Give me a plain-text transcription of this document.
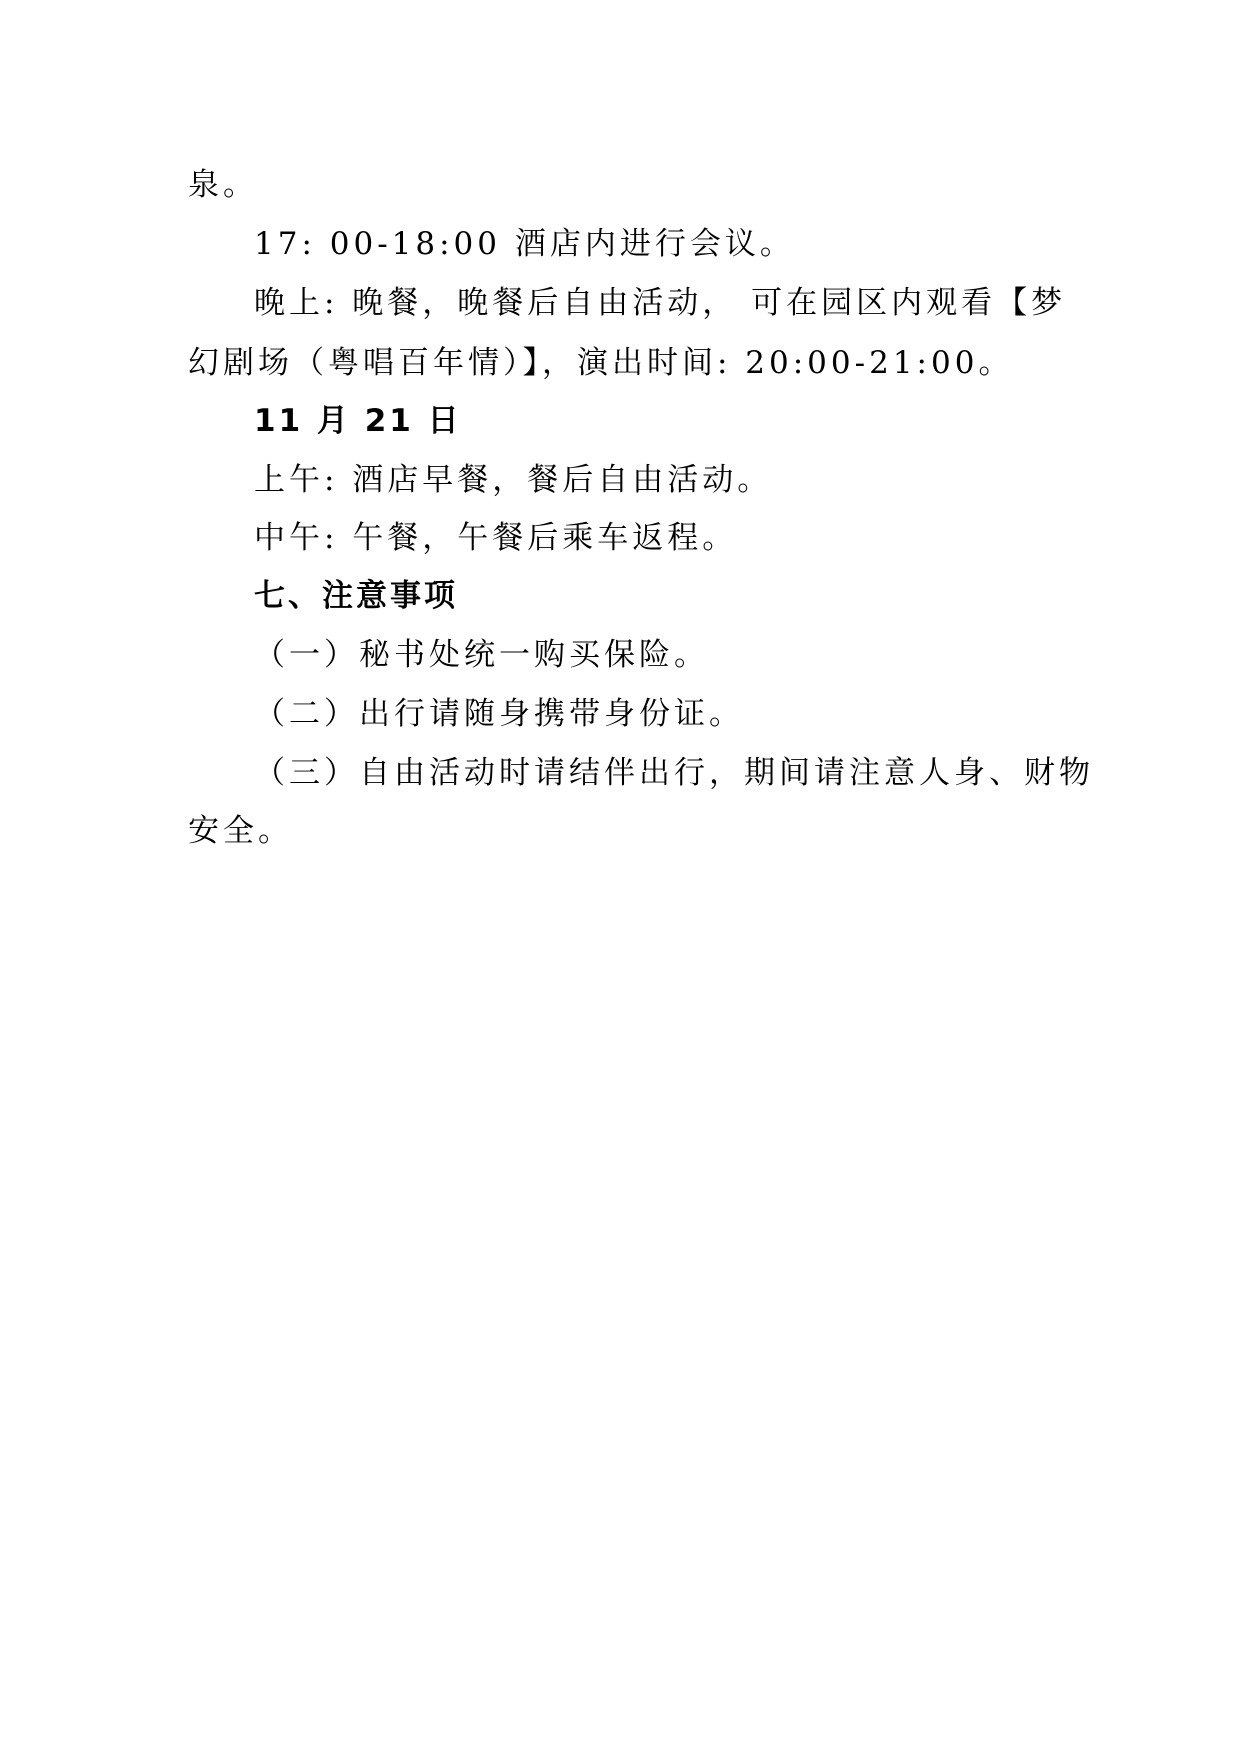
泉。
17: 00-18:00 酒店内进行会议。
晚上: 晚餐，晚餐后自由活动， 可在园区内观看【梦
幻剧场（粤唱百年情）】，演出时间: 20:00-21:00。
11 月 21 日
上午: 酒店早餐，餐后自由活动。
中午: 午餐，午餐后乘车返程。
七、注意事项
（一）秘书处统一购买保险。
（二）出行请随身携带身份证。
（三）自由活动时请结伴出行，期间请注意人身、财物
安全。
